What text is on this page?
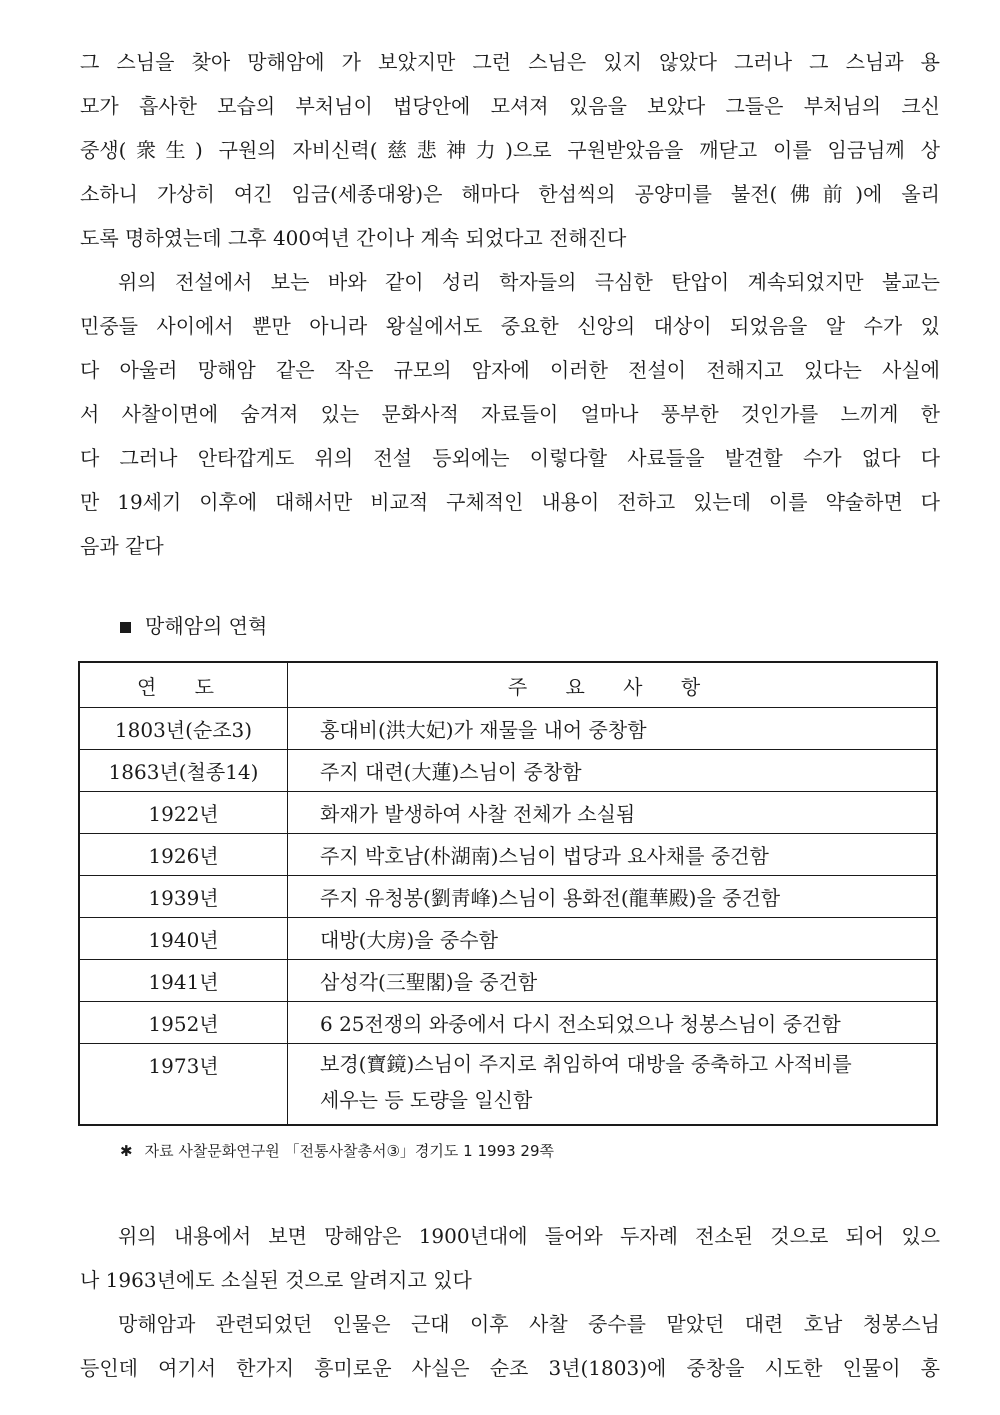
그 스님을 찾아 망해암에 가 보았지만 그런 스님은 있지 않았다 그러나 그 스님과 용
모가 흡사한 모습의 부처님이 법당안에 모셔져 있음을 보았다 그들은 부처님의 크신
중생(衆生) 구원의 자비신력(慈悲神力)으로 구원받았음을 깨닫고 이를 임금님께 상
소하니 가상히 여긴 임금(세종대왕)은 해마다 한섬씩의 공양미를 불전(佛前)에 올리
도록 명하였는데 그후 400여년 간이나 계속 되었다고 전해진다
위의 전설에서 보는 바와 같이 성리 학자들의 극심한 탄압이 계속되었지만 불교는
민중들 사이에서 뿐만 아니라 왕실에서도 중요한 신앙의 대상이 되었음을 알 수가 있
다 아울러 망해암 같은 작은 규모의 암자에 이러한 전설이 전해지고 있다는 사실에
서 사찰이면에 숨겨져 있는 문화사적 자료들이 얼마나 풍부한 것인가를 느끼게 한
다 그러나 안타깝게도 위의 전설 등외에는 이렇다할 사료들을 발견할 수가 없다 다
만 19세기 이후에 대해서만 비교적 구체적인 내용이 전하고 있는데 이를 약술하면 다
음과 같다
망해암의 연혁
연 도	주 요 사 항
1803년(순조3)	홍대비(洪大妃)가 재물을 내어 중창함
1863년(철종14)	주지 대련(大蓮)스님이 중창함
1922년	화재가 발생하여 사찰 전체가 소실됨
1926년	주지 박호남(朴湖南)스님이 법당과 요사채를 중건함
1939년	주지 유청봉(劉靑峰)스님이 용화전(龍華殿)을 중건함
1940년	대방(大房)을 중수함
1941년	삼성각(三聖閣)을 중건함
1952년	6 25전쟁의 와중에서 다시 전소되었으나 청봉스님이 중건함
1973년	보경(寶鏡)스님이 주지로 취임하여 대방을 중축하고 사적비를
세우는 등 도량을 일신함
✱ 자료 사찰문화연구원 「전통사찰총서③」경기도 1 1993 29쪽
위의 내용에서 보면 망해암은 1900년대에 들어와 두자례 전소된 것으로 되어 있으
나 1963년에도 소실된 것으로 알려지고 있다
망해암과 관련되었던 인물은 근대 이후 사찰 중수를 맡았던 대련 호남 청봉스님
등인데 여기서 한가지 흥미로운 사실은 순조 3년(1803)에 중창을 시도한 인물이 홍
